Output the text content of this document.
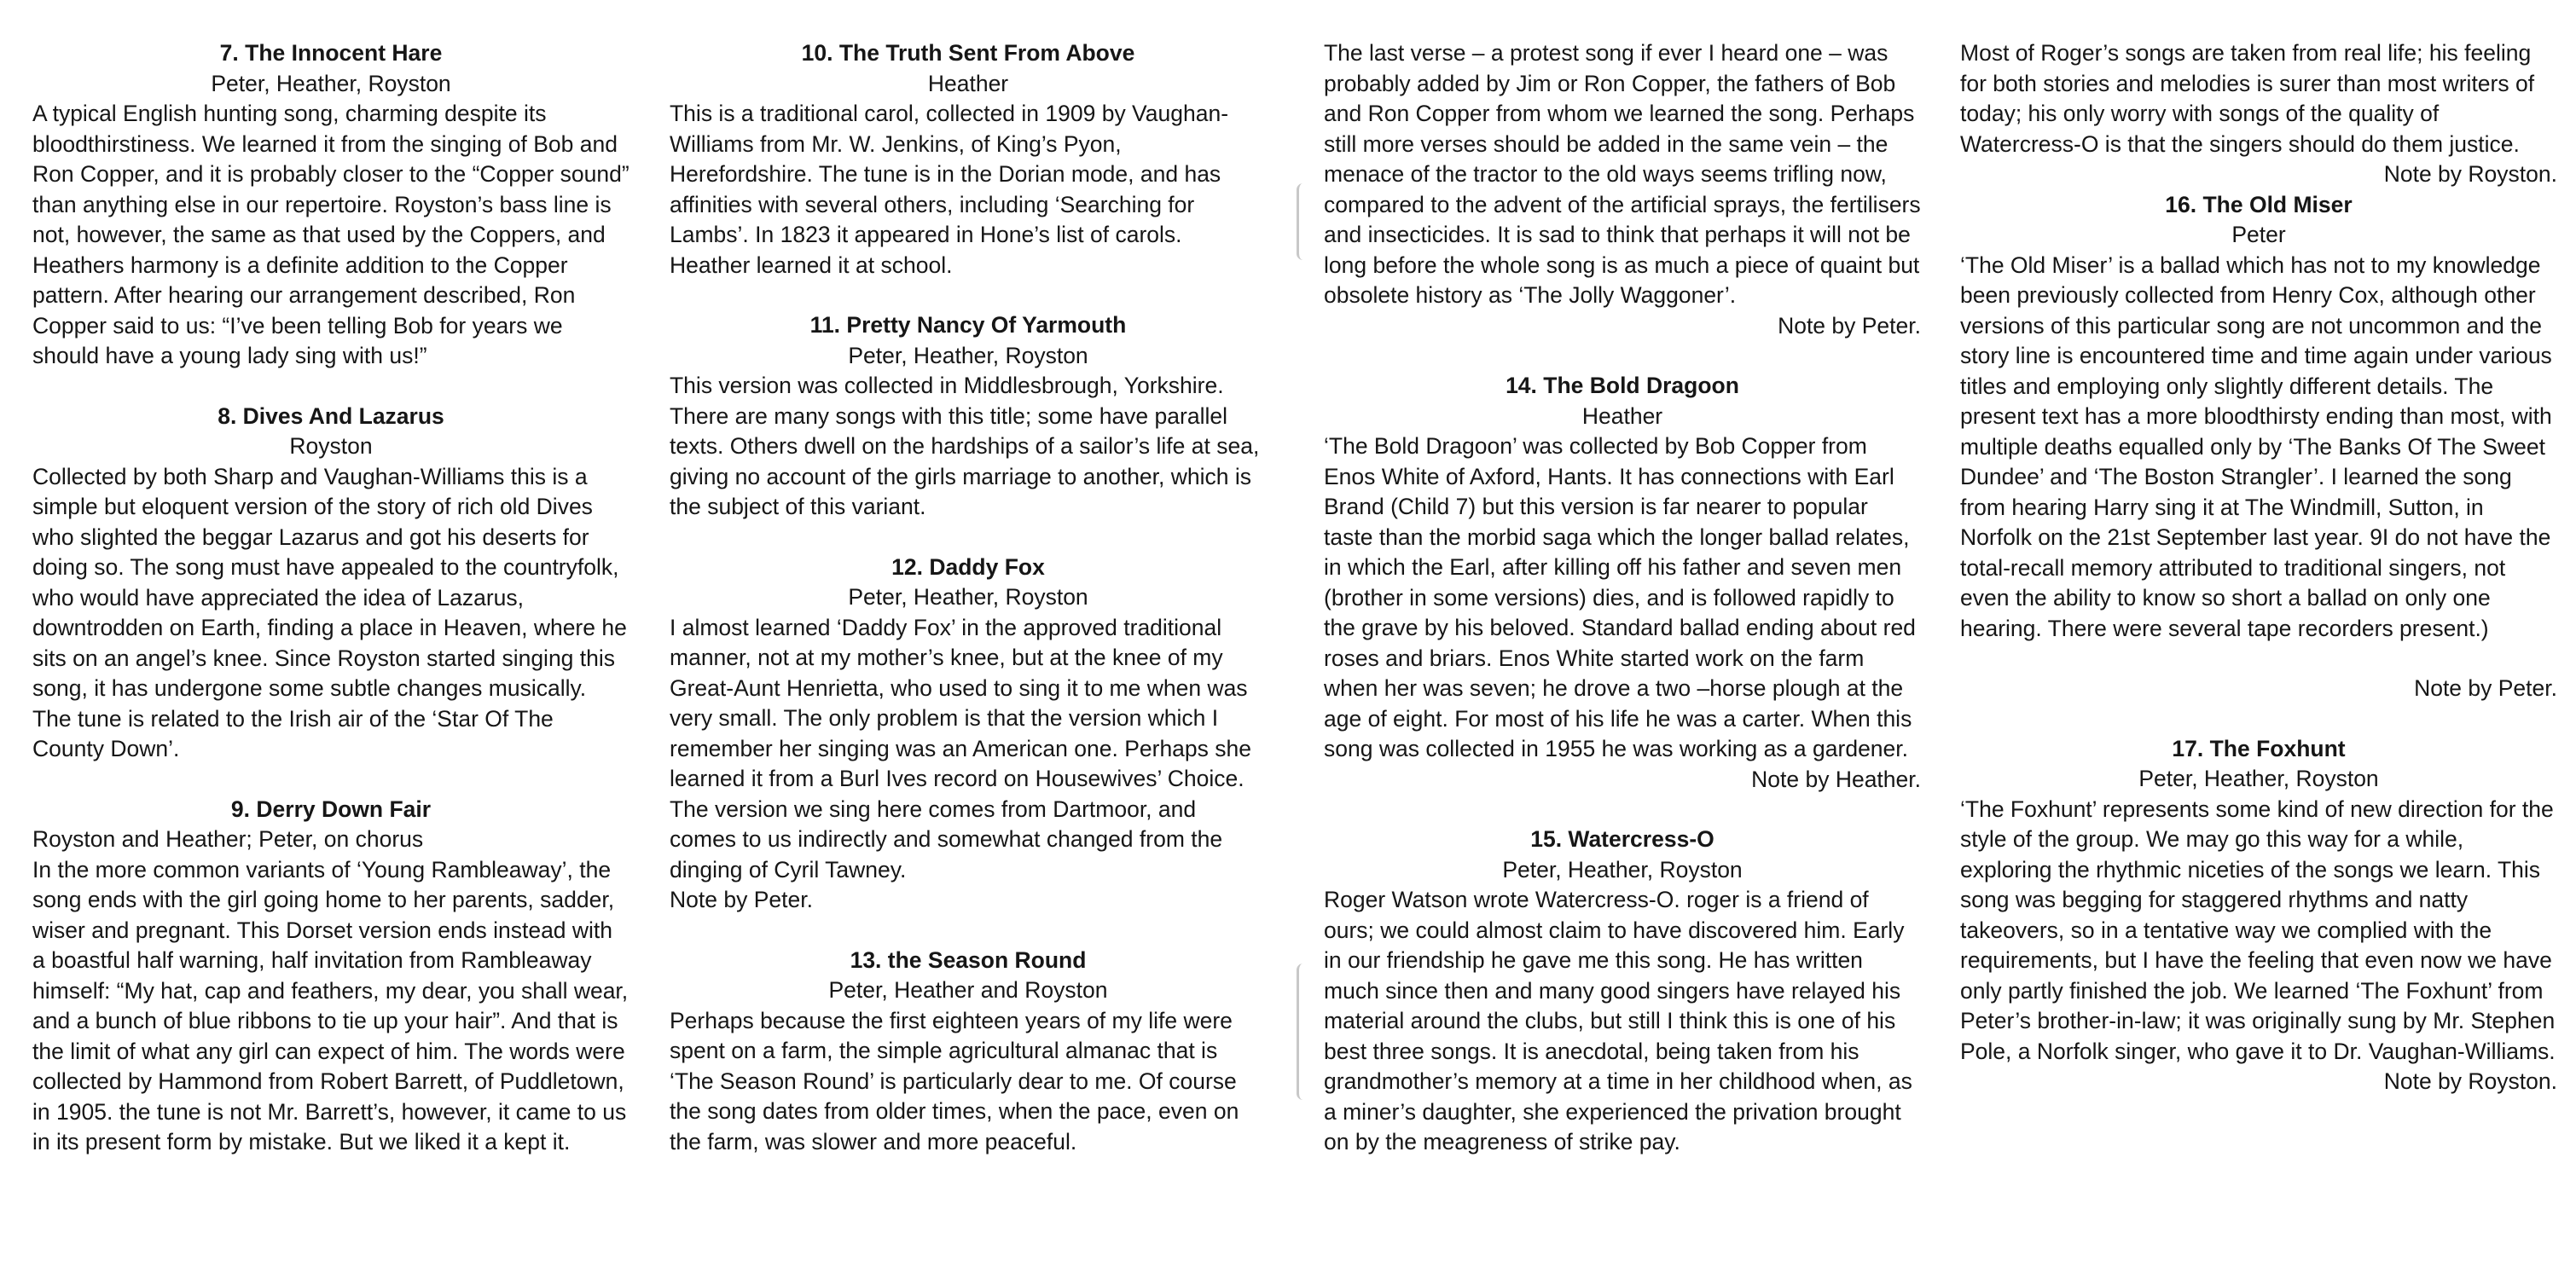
7. The Innocent Hare
Peter, Heather, Royston
A typical English hunting song, charming despite its bloodthirstiness. We learned it from the singing of Bob and Ron Copper, and it is probably closer to the “Copper sound” than anything else in our repertoire. Royston’s bass line is not, however, the same as that used by the Coppers, and Heathers harmony is a definite addition to the Copper pattern. After hearing our arrangement described, Ron Copper said to us: “I’ve been telling Bob for years we should have a young lady sing with us!”
8. Dives And Lazarus
Royston
Collected by both Sharp and Vaughan-Williams this is a simple but eloquent version of the story of rich old Dives who slighted the beggar Lazarus and got his deserts for doing so. The song must have appealed to the countryfolk, who would have appreciated the idea of Lazarus, downtrodden on Earth, finding a place in Heaven, where he sits on an angel’s knee. Since Royston started singing this song, it has undergone some subtle changes musically. The tune is related to the Irish air of the ‘Star Of The County Down’.
9. Derry Down Fair
Royston and Heather; Peter, on chorus
In the more common variants of ‘Young Rambleaway’, the song ends with the girl going home to her parents, sadder, wiser and pregnant. This Dorset version ends instead with a boastful half warning, half invitation from Rambleaway himself: “My hat, cap and feathers, my dear, you shall wear, and a bunch of blue ribbons to tie up your hair”. And that is the limit of what any girl can expect of him. The words were collected by Hammond from Robert Barrett, of Puddletown, in 1905. the tune is not Mr. Barrett’s, however, it came to us in its present form by mistake. But we liked it a kept it.
10. The Truth Sent From Above
Heather
This is a traditional carol, collected in 1909 by Vaughan-Williams from Mr. W. Jenkins, of King’s Pyon, Herefordshire. The tune is in the Dorian mode, and has affinities with several others, including ‘Searching for Lambs’. In 1823 it appeared in Hone’s list of carols. Heather learned it at school.
11. Pretty Nancy Of Yarmouth
Peter, Heather, Royston
This version was collected in Middlesbrough, Yorkshire. There are many songs with this title; some have parallel texts. Others dwell on the hardships of a sailor’s life at sea, giving no account of the girls marriage to another, which is the subject of this variant.
12. Daddy Fox
Peter, Heather, Royston
I almost learned ‘Daddy Fox’ in the approved traditional manner, not at my mother’s knee, but at the knee of my Great-Aunt Henrietta, who used to sing it to me when was very small. The only problem is that the version which I remember her singing was an American one. Perhaps she learned it from a Burl Ives record on Housewives’ Choice. The version we sing here comes from Dartmoor, and comes to us indirectly and somewhat changed from the dinging of Cyril Tawney.
Note by Peter.
13. the Season Round
Peter, Heather and Royston
Perhaps because the first eighteen years of my life were spent on a farm, the simple agricultural almanac that is ‘The Season Round’ is particularly dear to me. Of course the song dates from older times, when the pace, even on the farm, was slower and more peaceful.
The last verse – a protest song if ever I heard one – was probably added by Jim or Ron Copper, the fathers of Bob and Ron Copper from whom we learned the song. Perhaps still more verses should be added in the same vein – the menace of the tractor to the old ways seems trifling now, compared to the advent of the artificial sprays, the fertilisers and insecticides. It is sad to think that perhaps it will not be long before the whole song is as much a piece of quaint but obsolete history as ‘The Jolly Waggoner’.
Note by Peter.
14. The Bold Dragoon
Heather
‘The Bold Dragoon’ was collected by Bob Copper from Enos White of Axford, Hants. It has connections with Earl Brand (Child 7) but this version is far nearer to popular taste than the morbid saga which the longer ballad relates, in which the Earl, after killing off his father and seven men (brother in some versions) dies, and is followed rapidly to the grave by his beloved. Standard ballad ending about red roses and briars. Enos White started work on the farm when her was seven; he drove a two –horse plough at the age of eight. For most of his life he was a carter. When this song was collected in 1955 he was working as a gardener.
Note by Heather.
15. Watercress-O
Peter, Heather, Royston
Roger Watson wrote Watercress-O. roger is a friend of ours; we could almost claim to have discovered him. Early in our friendship he gave me this song. He has written much since then and many good singers have relayed his material around the clubs, but still I think this is one of his best three songs. It is anecdotal, being taken from his grandmother’s memory at a time in her childhood when, as a miner’s daughter, she experienced the privation brought on by the meagreness of strike pay.
Most of Roger’s songs are taken from real life; his feeling for both stories and melodies is surer than most writers of today; his only worry with songs of the quality of Watercress-O is that the singers should do them justice.
Note by Royston.
16. The Old Miser
Peter
‘The Old Miser’ is a ballad which has not to my knowledge been previously collected from Henry Cox, although other versions of this particular song are not uncommon and the story line is encountered time and time again under various titles and employing only slightly different details. The present text has a more bloodthirsty ending than most, with multiple deaths equalled only by ‘The Banks Of The Sweet Dundee’ and ‘The Boston Strangler’. I learned the song from hearing Harry sing it at The Windmill, Sutton, in Norfolk on the 21st September last year. 9I do not have the total-recall memory attributed to traditional singers, not even the ability to know so short a ballad on only one hearing. There were several tape recorders present.)
Note by Peter.
17. The Foxhunt
Peter, Heather, Royston
‘The Foxhunt’ represents some kind of new direction for the style of the group. We may go this way for a while, exploring the rhythmic niceties of the songs we learn. This song was begging for staggered rhythms and natty takeovers, so in a tentative way we complied with the requirements, but I have the feeling that even now we have only partly finished the job. We learned ‘The Foxhunt’ from Peter’s brother-in-law; it was originally sung by Mr. Stephen Pole, a Norfolk singer, who gave it to Dr. Vaughan-Williams.
Note by Royston.
